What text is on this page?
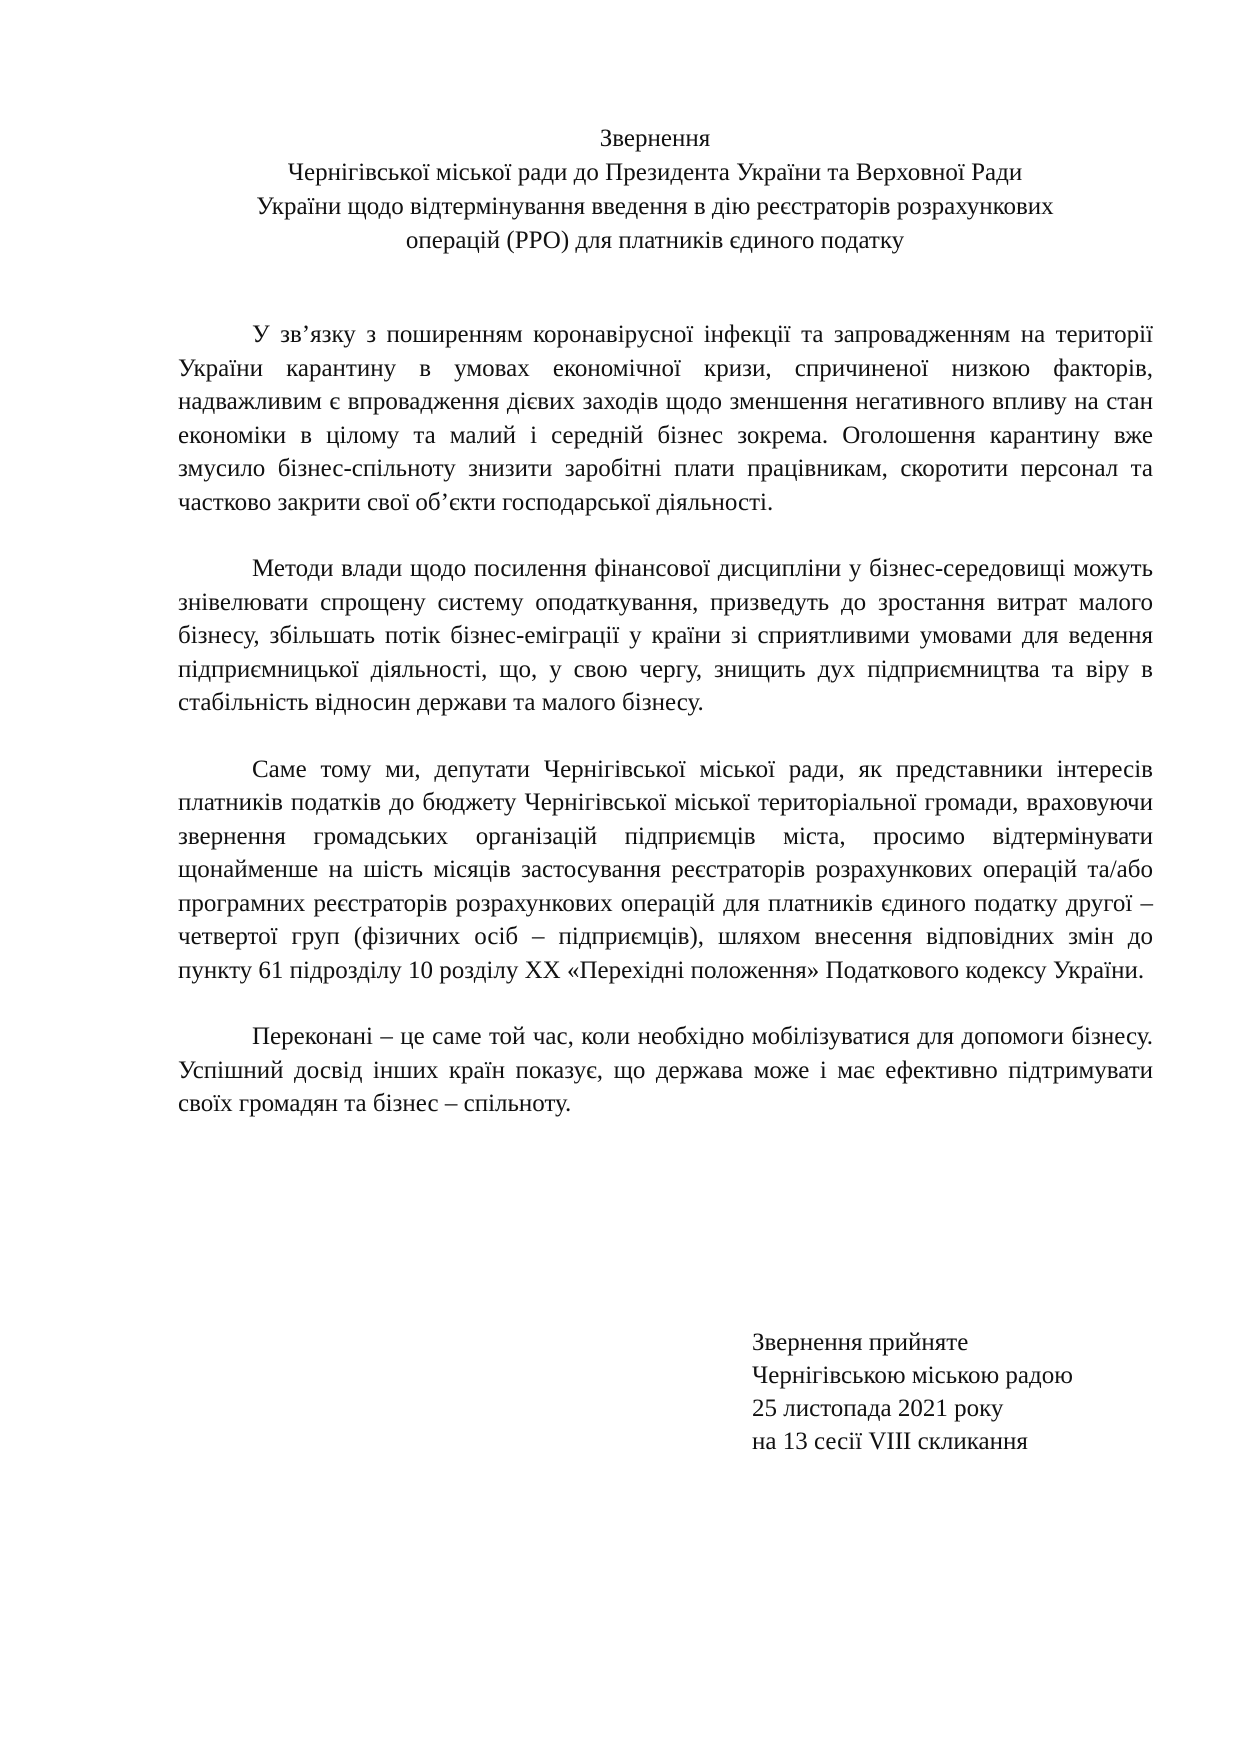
Звернення
Чернігівської міської ради до Президента України та Верховної Ради
України щодо відтермінування введення в дію реєстраторів розрахункових
операцій (РРО) для платників єдиного податку

У зв’язку з поширенням коронавірусної інфекції та запровадженням на території України карантину в умовах економічної кризи, спричиненої низкою факторів, надважливим є впровадження дієвих заходів щодо зменшення негативного впливу на стан економіки в цілому та малий і середній бізнес зокрема. Оголошення карантину вже змусило бізнес-спільноту знизити заробітні плати працівникам, скоротити персонал та частково закрити свої об’єкти господарської діяльності.

Методи влади щодо посилення фінансової дисципліни у бізнес-середовищі можуть знівелювати спрощену систему оподаткування, призведуть до зростання витрат малого бізнесу, збільшать потік бізнес-еміграції у країни зі сприятливими умовами для ведення підприємницької діяльності, що, у свою чергу, знищить дух підприємництва та віру в стабільність відносин держави та малого бізнесу.

Саме тому ми, депутати Чернігівської міської ради, як представники інтересів платників податків до бюджету Чернігівської міської територіальної громади, враховуючи звернення громадських організацій підприємців міста, просимо відтермінувати щонайменше на шість місяців застосування реєстраторів розрахункових операцій та/або програмних реєстраторів розрахункових операцій для платників єдиного податку другої – четвертої груп (фізичних осіб – підприємців), шляхом внесення відповідних змін до пункту 61 підрозділу 10 розділу XX «Перехідні положення» Податкового кодексу України.

Переконані – це саме той час, коли необхідно мобілізуватися для допомоги бізнесу. Успішний досвід інших країн показує, що держава може і має ефективно підтримувати своїх громадян та бізнес – спільноту.

Звернення прийняте
Чернігівською міською радою
25 листопада 2021 року
на 13 сесії VIII скликання
